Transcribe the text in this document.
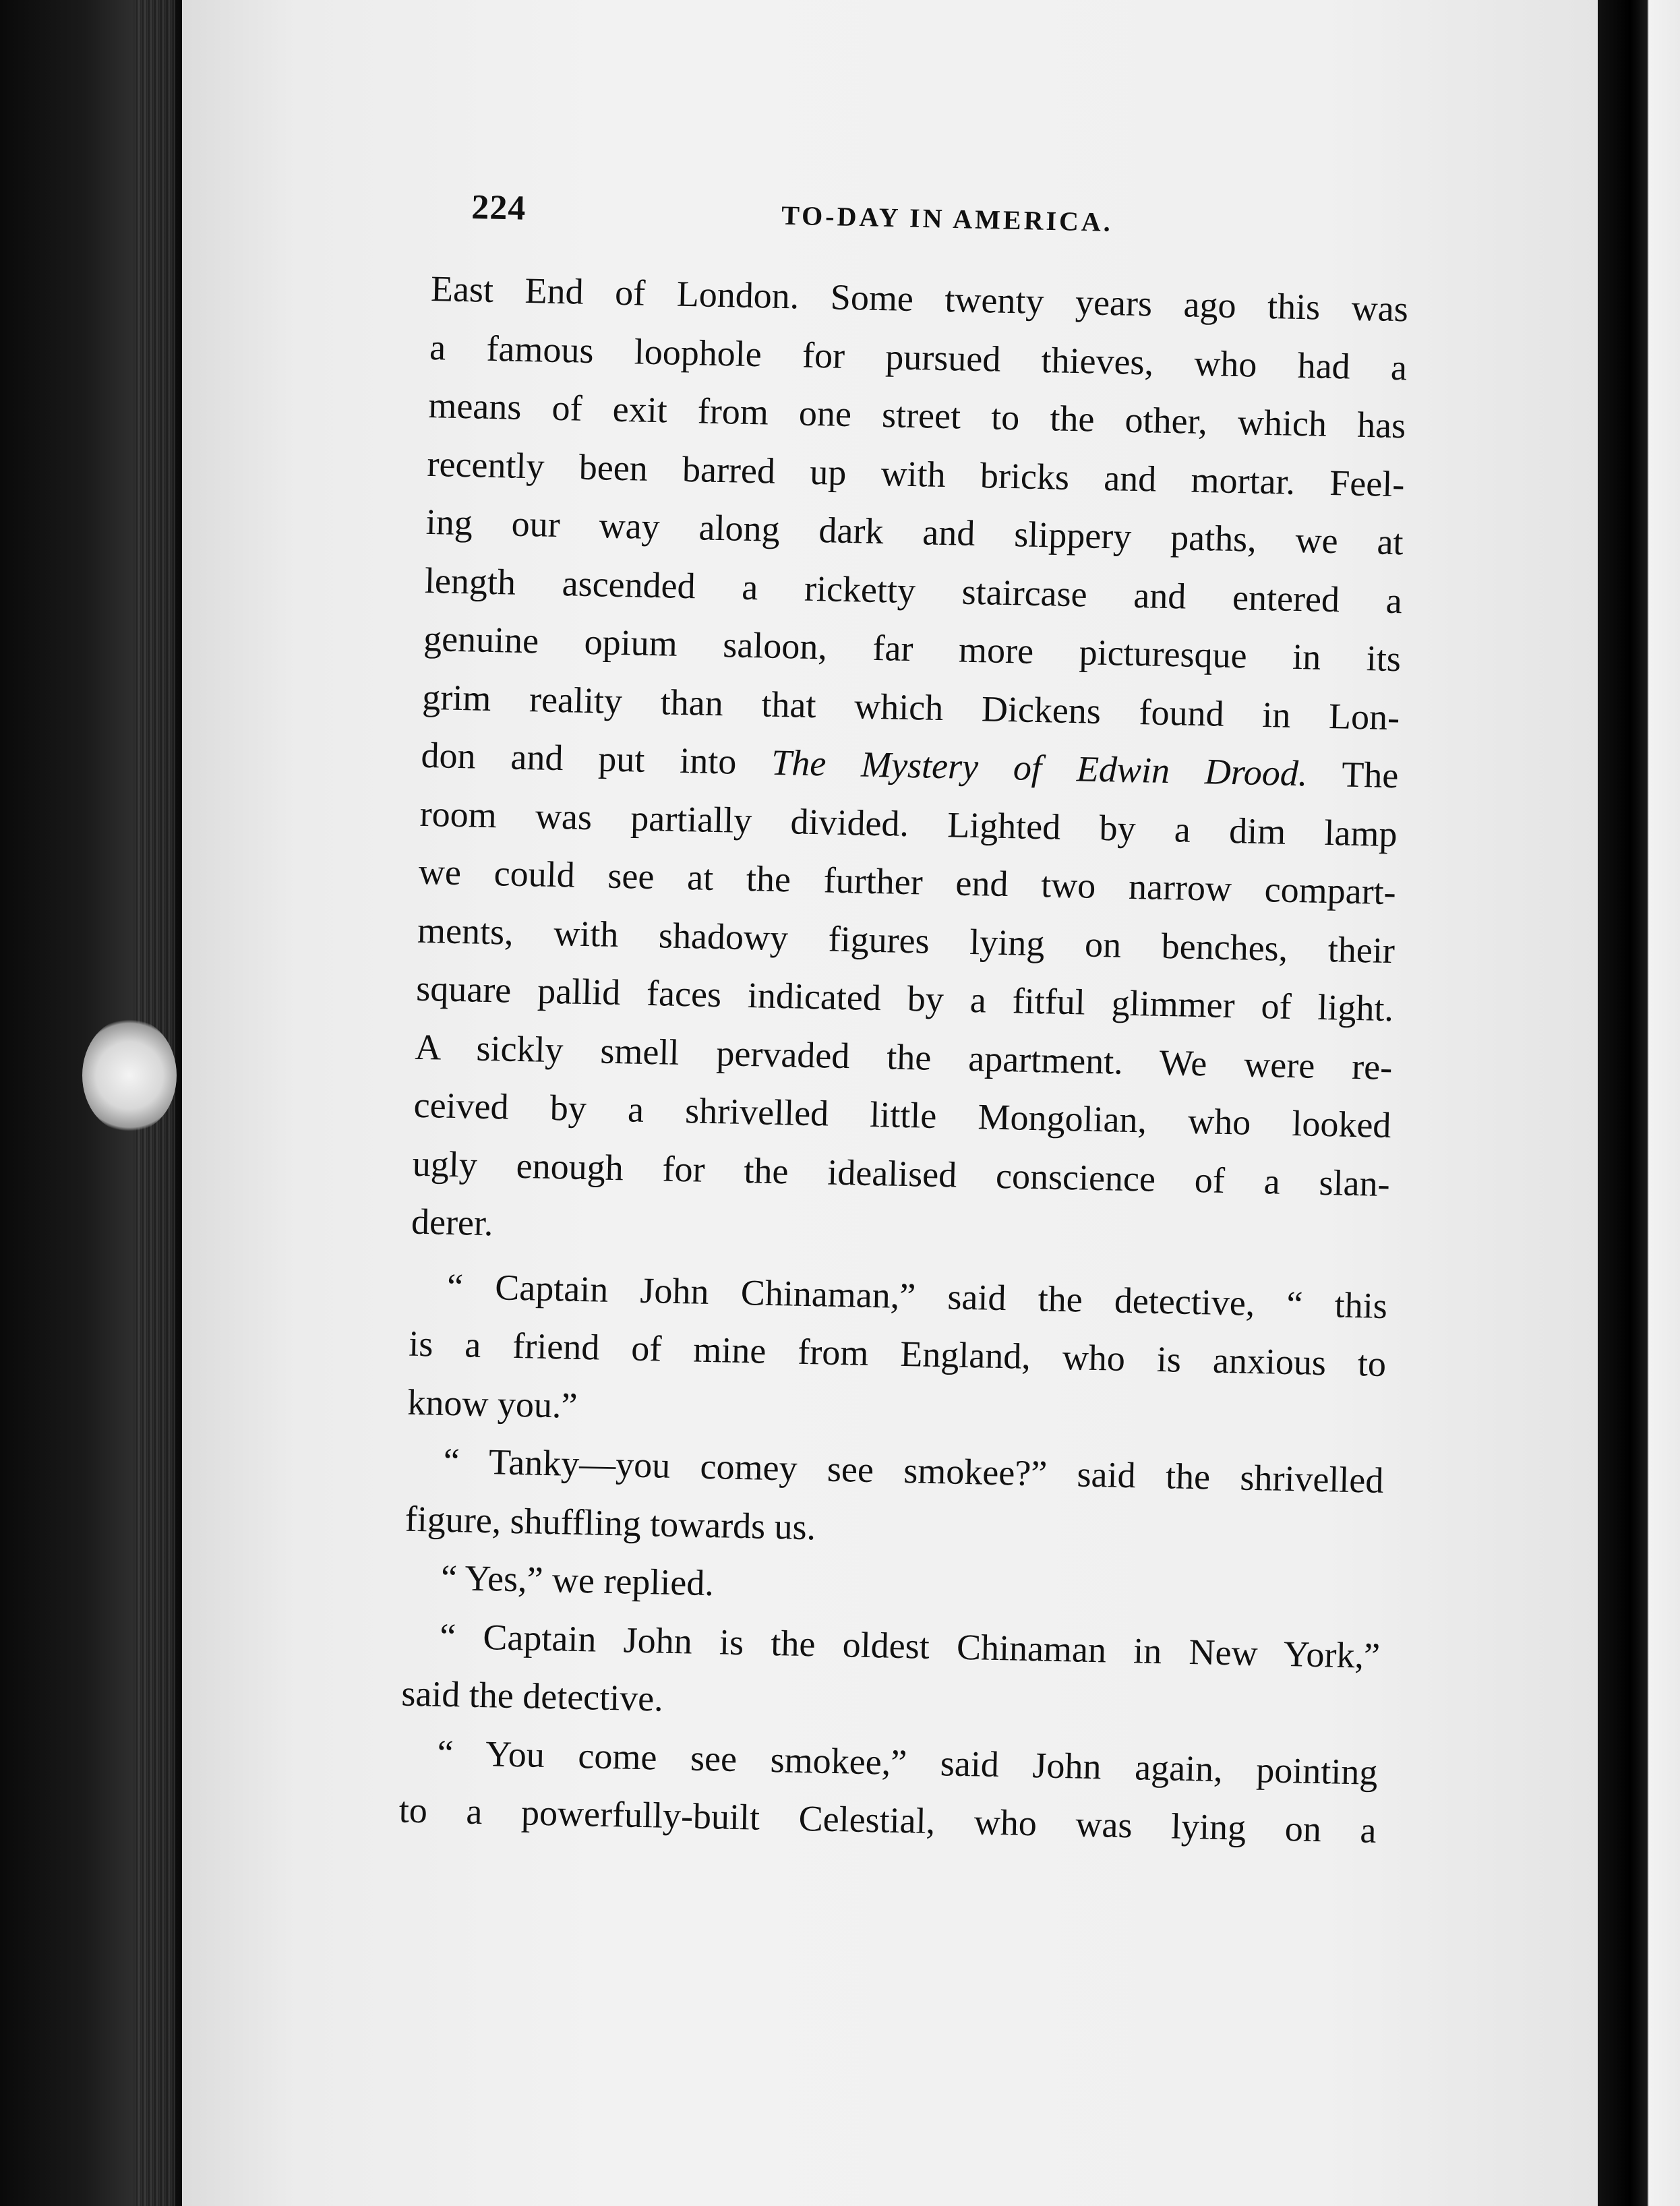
224	TO-DAY IN AMERICA.
East End of London. Some twenty years ago this was
a famous loophole for pursued thieves, who had a
means of exit from one street to the other, which has
recently been barred up with bricks and mortar. Feel-
ing our way along dark and slippery paths, we at
length ascended a ricketty staircase and entered a
genuine opium saloon, far more picturesque in its
grim reality than that which Dickens found in Lon-
don and put into The Mystery of Edwin Drood. The
room was partially divided. Lighted by a dim lamp
we could see at the further end two narrow compart-
ments, with shadowy figures lying on benches, their
square pallid faces indicated by a fitful glimmer of light.
A sickly smell pervaded the apartment. We were re-
ceived by a shrivelled little Mongolian, who looked
ugly enough for the idealised conscience of a slan-
derer.
“ Captain John Chinaman,” said the detective, “ this
is a friend of mine from England, who is anxious to
know you.”
“ Tanky—you comey see smokee?” said the shrivelled
figure, shuffling towards us.
“ Yes,” we replied.
“ Captain John is the oldest Chinaman in New York,”
said the detective.
“ You come see smokee,” said John again, pointing
to a powerfully-built Celestial, who was lying on a
